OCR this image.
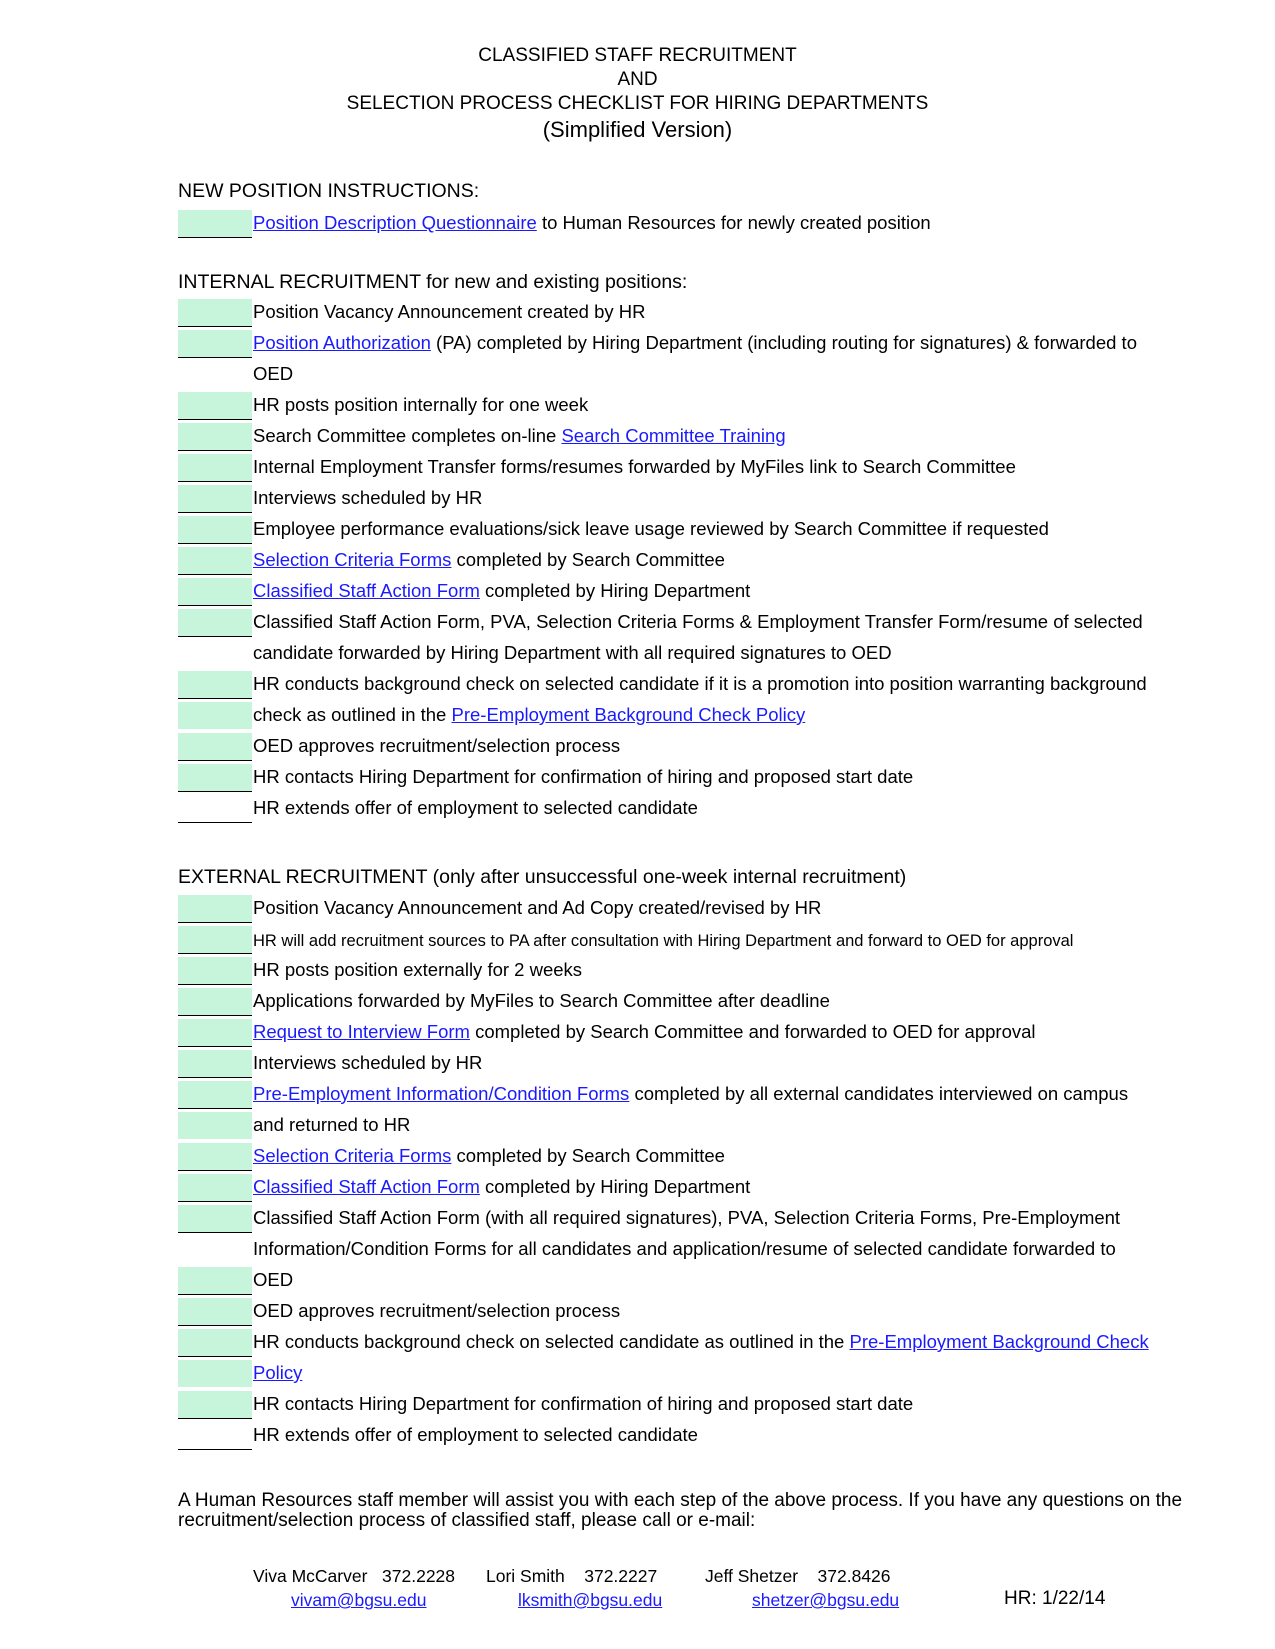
CLASSIFIED STAFF RECRUITMENT
AND
SELECTION PROCESS CHECKLIST FOR HIRING DEPARTMENTS
(Simplified Version)
NEW POSITION INSTRUCTIONS:
Position Description Questionnaire to Human Resources for newly created position
INTERNAL RECRUITMENT for new and existing positions:
Position Vacancy Announcement created by HR
Position Authorization (PA) completed by Hiring Department (including routing for signatures) & forwarded to
OED
HR posts position internally for one week
Search Committee completes on-line Search Committee Training
Internal Employment Transfer forms/resumes forwarded by MyFiles link to Search Committee
Interviews scheduled by HR
Employee performance evaluations/sick leave usage reviewed by Search Committee if requested
Selection Criteria Forms completed by Search Committee
Classified Staff Action Form completed by Hiring Department
Classified Staff Action Form, PVA, Selection Criteria Forms & Employment Transfer Form/resume of selected
candidate forwarded by Hiring Department with all required signatures to OED
HR conducts background check on selected candidate if it is a promotion into position warranting background
check as outlined in the Pre-Employment Background Check Policy
OED approves recruitment/selection process
HR contacts Hiring Department for confirmation of hiring and proposed start date
HR extends offer of employment to selected candidate
EXTERNAL RECRUITMENT (only after unsuccessful one-week internal recruitment)
Position Vacancy Announcement and Ad Copy created/revised by HR
HR will add recruitment sources to PA after consultation with Hiring Department and forward to OED for approval
HR posts position externally for 2 weeks
Applications forwarded by MyFiles to Search Committee after deadline
Request to Interview Form completed by Search Committee and forwarded to OED for approval
Interviews scheduled by HR
Pre-Employment Information/Condition Forms completed by all external candidates interviewed on campus
and returned to HR
Selection Criteria Forms completed by Search Committee
Classified Staff Action Form completed by Hiring Department
Classified Staff Action Form (with all required signatures), PVA, Selection Criteria Forms, Pre-Employment
Information/Condition Forms for all candidates and application/resume of selected candidate forwarded to
OED
OED approves recruitment/selection process
HR conducts background check on selected candidate as outlined in the Pre-Employment Background Check
Policy
HR contacts Hiring Department for confirmation of hiring and proposed start date
HR extends offer of employment to selected candidate
A Human Resources staff member will assist you with each step of the above process. If you have any questions on the
recruitment/selection process of classified staff, please call or e-mail:
Viva McCarver 372.2228
vivam@bgsu.edu
Lori Smith 372.2227
lksmith@bgsu.edu
Jeff Shetzer 372.8426
shetzer@bgsu.edu	HR: 1/22/14
